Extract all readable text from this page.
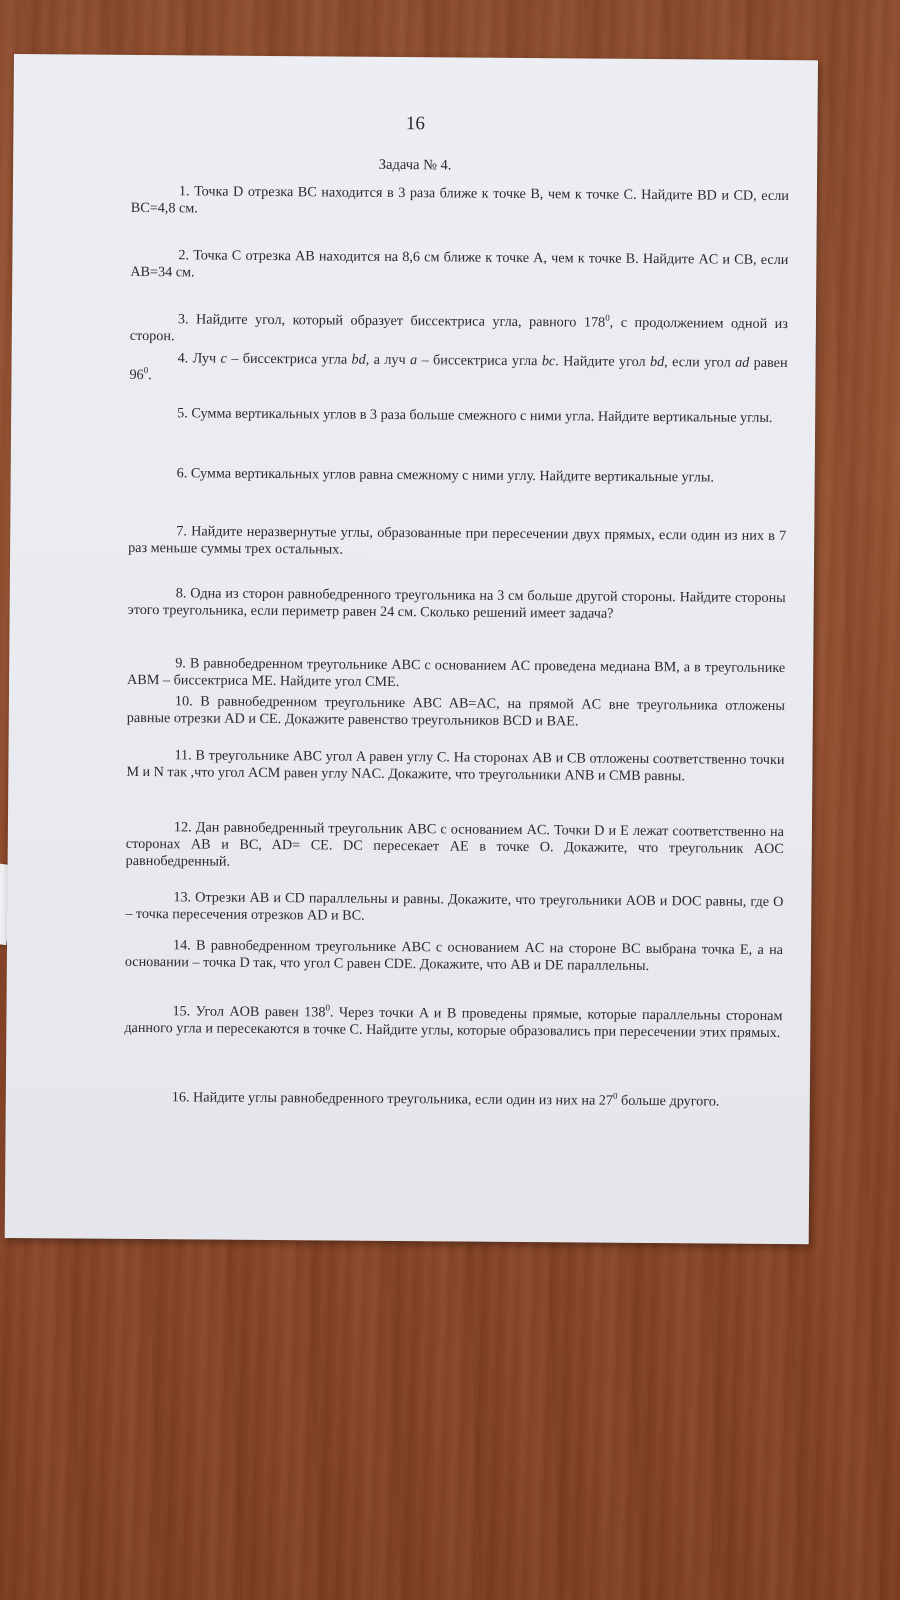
16
Задача № 4.
1. Точка D отрезка BC находится в 3 раза ближе к точке B, чем к точке C. Найдите BD и CD, если BC=4,8 см.
2. Точка C отрезка AB находится на 8,6 см ближе к точке A, чем к точке B. Найдите AC и CB, если AB=34 см.
3. Найдите угол, который образует биссектриса угла, равного $178^0$, с продолжением одной из сторон.
4. Луч c – биссектриса угла bd, а луч a – биссектриса угла bc. Найдите угол bd, если угол ad равен $96^0$.
5. Сумма вертикальных углов в 3 раза больше смежного с ними угла. Найдите вертикальные углы.
6. Сумма вертикальных углов равна смежному с ними углу. Найдите вертикальные углы.
7. Найдите неразвернутые углы, образованные при пересечении двух прямых, если один из них в 7 раз меньше суммы трех остальных.
8. Одна из сторон равнобедренного треугольника на 3 см больше другой стороны. Найдите стороны этого треугольника, если периметр равен 24 см. Сколько решений имеет задача?
9. В равнобедренном треугольнике ABC с основанием AC проведена медиана BM, а в треугольнике ABM – биссектриса ME. Найдите угол CME.
10. В равнобедренном треугольнике ABC AB=AC, на прямой AC вне треугольника отложены равные отрезки AD и CE. Докажите равенство треугольников BCD и BAE.
11. В треугольнике ABC угол A равен углу C. На сторонах AB и CB отложены соответственно точки M и N так ,что угол ACM равен углу NAC. Докажите, что треугольники ANB и CMB равны.
12. Дан равнобедренный треугольник ABC с основанием AC. Точки D и E лежат соответственно на сторонах AB и BC, AD= CE. DC пересекает AE в точке O. Докажите, что треугольник AOC равнобедренный.
13. Отрезки AB и CD параллельны и равны. Докажите, что треугольники AOB и DOC равны, где O – точка пересечения отрезков AD и BC.
14. В равнобедренном треугольнике ABC с основанием AC на стороне BC выбрана точка E, а на основании – точка D так, что угол C равен CDE. Докажите, что AB и DE параллельны.
15. Угол AOB равен $138^0$. Через точки A и B проведены прямые, которые параллельны сторонам данного угла и пересекаются в точке C. Найдите углы, которые образовались при пересечении этих прямых.
16. Найдите углы равнобедренного треугольника, если один из них на $27^0$ больше другого.
